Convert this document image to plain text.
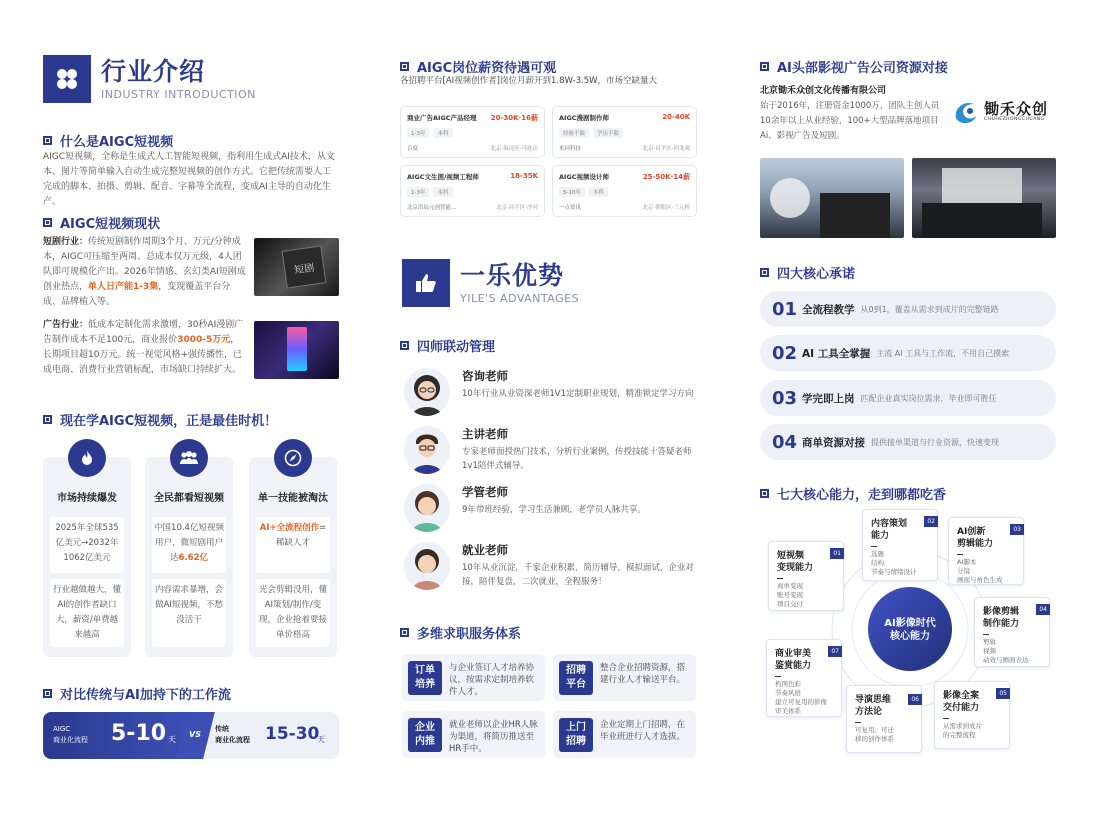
行业介绍
INDUSTRY INTRODUCTION
什么是AIGC短视频
AIGC短视频，全称是生成式人工智能短视频，指利用生成式AI技术，从文本、图片等简单输入自动生成完整短视频的创作方式。它把传统需要人工完成的脚本、拍摄、剪辑、配音、字幕等全流程，变成AI主导的自动化生产。
AIGC短视频现状
短剧行业：传统短剧制作周期3个月、万元/分钟成本，AIGC可压缩至两周、总成本仅万元级，4人团队即可规模化产出。2026年情感、玄幻类AI短剧成创业热点，单人日产能1-3集，变现覆盖平台分成、品牌植入等。
短剧
广告行业：低成本定制化需求激增，30秒AI漫剧广告制作成本不足100元，商业报价3000-5万元，长期项目超10万元。统一视觉风格+强传播性，已成电商、消费行业营销标配，市场缺口持续扩大。
现在学AIGC短视频，正是最佳时机！
市场持续爆发
2025年全球535亿美元→2032年1062亿美元
行业越做越大，懂AI的创作者缺口大，薪资/单费越来越高
全民都看短视频
中国10.4亿短视频用户，微短剧用户达6.62亿
内容需求暴增，会做AI短视频，不愁没活干
单一技能被淘汰
AI+全流程创作=稀缺人才
光会剪辑没用，懂AI策划/制作/变现，企业抢着要接单价格高
对比传统与AI加持下的工作流
AIGC
商业化流程 5-10 天
VS
传统
商业化流程 15-30
天
AIGC岗位薪资待遇可观
各招聘平台[AI视频创作者]岗位月薪开到1.8W-3.5W，市场空缺量大
商业广告AIGC产品经理 20-30K·16薪
1-3年	本科
百度	北京·海淀区·马连洼
AIGC漫剧制作师	20-40K
经验不限	学历不限
来珂科技	北京·昌平区·回龙观
AIGC文生图/视频工程师	18-35K
1-3年	本科
北京洪辰元创智能...	北京·昌平区·沙河
AIGC视频设计师	25-50K·14薪
5-10年	本科
一点资讯	北京·朝阳区·三元桥
一乐优势
YILE'S ADVANTAGES
四师联动管理
咨询老师
10年行业从业资深老师1V1定制职业规划，精准锁定学习方向
主讲老师
专家老师面授热门技术，分析行业案例，传授技能十答疑老师1v1陪伴式辅导。
学管老师
9年带班经验，学习生活兼顾，老学员人脉共享。
就业老师
10年从业沉淀，千家企业积累，简历辅导，模拟面试，企业对接，陪伴复盘，二次就业，全程服务！
多维求职服务体系
订单
培养
与企业签订人才培养协议，按需求定制培养软件人才。
招聘
平台
整合企业招聘资源，搭建行业人才输送平台。
企业
内推
就业老师以企业HR人脉为渠道，将简历推送至HR手中。
上门
招聘
企业定期上门招聘，在毕业班进行人才选拔。
AI头部影视广告公司资源对接
北京锄禾众创文化传播有限公司
始于2016年，注册资金1000万，团队主创人员10余年以上从业经验，100+大型品牌落地项目Ai、影视广告及短剧。
锄禾众创
CHUHEZHONGCHUANG
四大核心承诺
01 全流程教学 从0到1，覆盖从需求到成片的完整链路
02 AI 工具全掌握 主流 AI 工具与工作流，不用自己摸索
03 学完即上岗 匹配企业真实岗位需求，毕业即可胜任
04 商单资源对接 提供接单渠道与行业资源，快速变现
七大核心能力，走到哪都吃香
AI影像时代
核心能力
01
短视频
变现能力
商单变现
账号变现
项目交付
02
内容策划
能力
选题
结构
节奏与情绪设计
03
AI创新
剪辑能力
AI脚本
分镜
画面与角色生成
04
影像剪辑
制作能力
剪辑
视频
动效与画面表达
05
影像全案
交付能力
从需求到成片
的完整流程
06
导演思维
方法论
可复用、可迁
移的创作体系
07
商业审美
鉴赏能力
构图色彩
节奏风格
建立可复用的影像
审美体系
